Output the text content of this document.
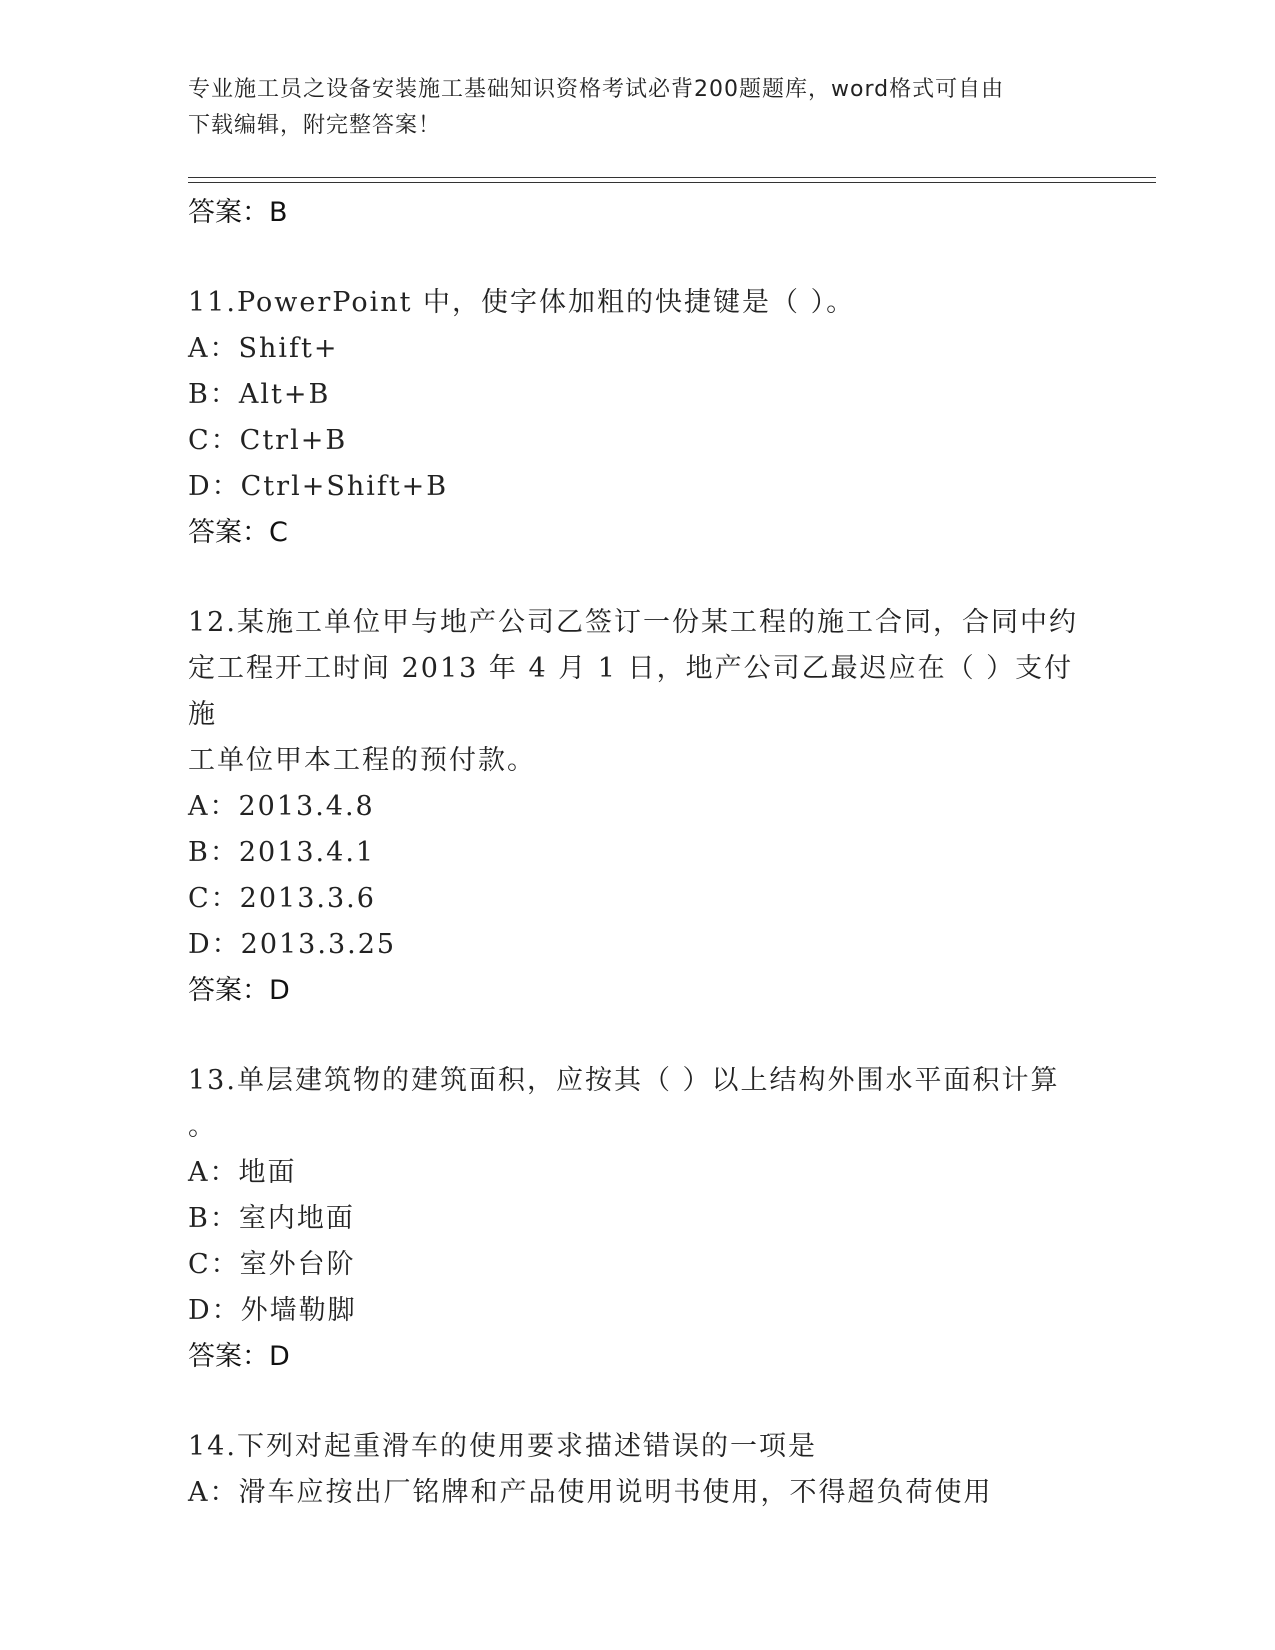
专业施工员之设备安装施工基础知识资格考试必背200题题库，word格式可自由
下载编辑，附完整答案！
答案：B
11.PowerPoint 中，使字体加粗的快捷键是（ ）。
A：Shift+
B：Alt+B
C：Ctrl+B
D：Ctrl+Shift+B
答案：C
12.某施工单位甲与地产公司乙签订一份某工程的施工合同，合同中约
定工程开工时间 2013 年 4 月 1 日，地产公司乙最迟应在（ ）支付施
工单位甲本工程的预付款。
A：2013.4.8
B：2013.4.1
C：2013.3.6
D：2013.3.25
答案：D
13.单层建筑物的建筑面积，应按其（ ）以上结构外围水平面积计算
。
A：地面
B：室内地面
C：室外台阶
D：外墙勒脚
答案：D
14.下列对起重滑车的使用要求描述错误的一项是
A：滑车应按出厂铭牌和产品使用说明书使用，不得超负荷使用
